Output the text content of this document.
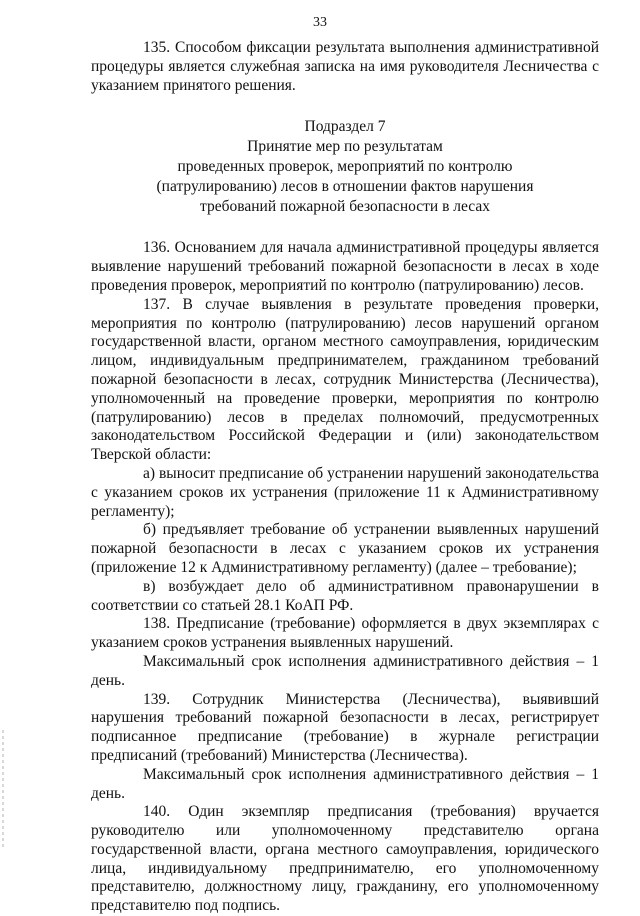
33

135. Способом фиксации результата выполнения административной процедуры является служебная записка на имя руководителя Лесничества с указанием принятого решения.

Подраздел 7
Принятие мер по результатам
проведенных проверок, мероприятий по контролю
(патрулированию) лесов в отношении фактов нарушения
требований пожарной безопасности в лесах

136. Основанием для начала административной процедуры является выявление нарушений требований пожарной безопасности в лесах в ходе проведения проверок, мероприятий по контролю (патрулированию) лесов.

137. В случае выявления в результате проведения проверки, мероприятия по контролю (патрулированию) лесов нарушений органом государственной власти, органом местного самоуправления, юридическим лицом, индивидуальным предпринимателем, гражданином требований пожарной безопасности в лесах, сотрудник Министерства (Лесничества), уполномоченный на проведение проверки, мероприятия по контролю (патрулированию) лесов в пределах полномочий, предусмотренных законодательством Российской Федерации и (или) законодательством Тверской области:

а) выносит предписание об устранении нарушений законодательства с указанием сроков их устранения (приложение 11 к Административному регламенту);

б) предъявляет требование об устранении выявленных нарушений пожарной безопасности в лесах с указанием сроков их устранения (приложение 12 к Административному регламенту) (далее – требование);

в) возбуждает дело об административном правонарушении в соответствии со статьей 28.1 КоАП РФ.

138. Предписание (требование) оформляется в двух экземплярах с указанием сроков устранения выявленных нарушений.

Максимальный срок исполнения административного действия – 1 день.

139. Сотрудник Министерства (Лесничества), выявивший нарушения требований пожарной безопасности в лесах, регистрирует подписанное предписание (требование) в журнале регистрации предписаний (требований) Министерства (Лесничества).

Максимальный срок исполнения административного действия – 1 день.

140. Один экземпляр предписания (требования) вручается руководителю или уполномоченному представителю органа государственной власти, органа местного самоуправления, юридического лица, индивидуальному предпринимателю, его уполномоченному представителю, должностному лицу, гражданину, его уполномоченному представителю под подпись.
